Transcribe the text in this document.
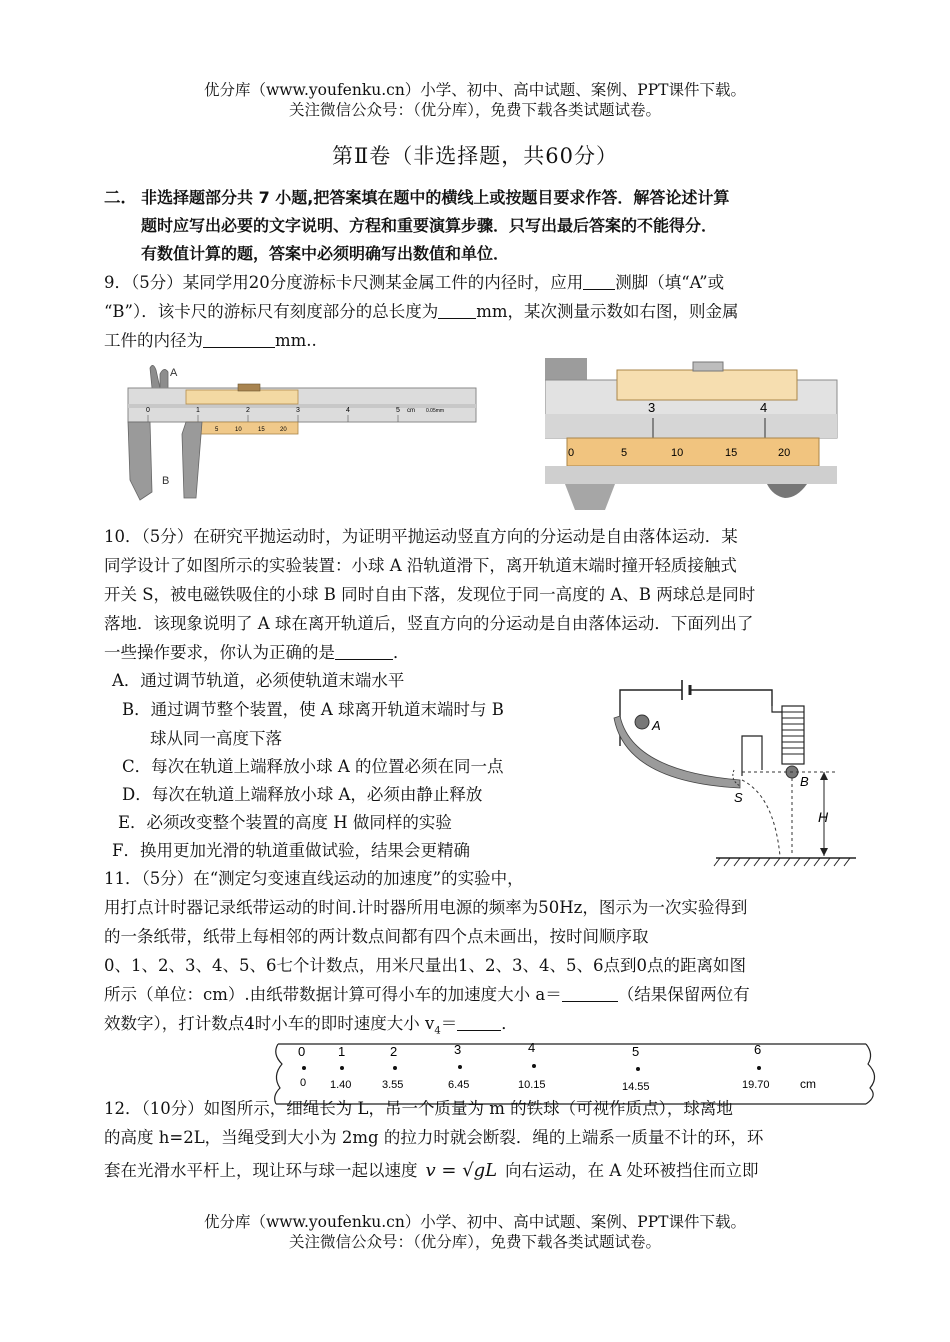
优分库（www.youfenku.cn）小学、初中、高中试题、案例、PPT课件下载。
关注微信公众号：（优分库），免费下载各类试题试卷。
第Ⅱ卷（非选择题，共60分）
二． 非选择题部分共 7 小题,把答案填在题中的横线上或按题目要求作答．解答论述计算
题时应写出必要的文字说明、方程和重要演算步骤．只写出最后答案的不能得分．
有数值计算的题，答案中必须明确写出数值和单位．
9．（5分）某同学用20分度游标卡尺测某金属工件的内径时，应用 测脚（填“A”或
“B”）．该卡尺的游标尺有刻度部分的总长度为 mm，某次测量示数如右图，则金属
工件的内径为	mm..
A
0	1	2	3	4	5 cm 0.05mm
5	10	15	20
B
3	4
0	5	10	15	20
10．（5分）在研究平抛运动时，为证明平抛运动竖直方向的分运动是自由落体运动．某
同学设计了如图所示的实验装置：小球 A 沿轨道滑下，离开轨道末端时撞开轻质接触式
开关 S，被电磁铁吸住的小球 B 同时自由下落，发现位于同一高度的 A、B 两球总是同时
落地．该现象说明了 A 球在离开轨道后，竖直方向的分运动是自由落体运动．下面列出了
一些操作要求，你认为正确的是	．
A．通过调节轨道，必须使轨道末端水平
B．通过调节整个装置，使 A 球离开轨道末端时与 B
球从同一高度下落
C．每次在轨道上端释放小球 A 的位置必须在同一点
D．每次在轨道上端释放小球 A，必须由静止释放
E．必须改变整个装置的高度 H 做同样的实验
F．换用更加光滑的轨道重做试验，结果会更精确
A
S
B
H
11．（5分）在“测定匀变速直线运动的加速度”的实验中，
用打点计时器记录纸带运动的时间.计时器所用电源的频率为50Hz，图示为一次实验得到
的一条纸带，纸带上每相邻的两计数点间都有四个点未画出，按时间顺序取
0、1、2、3、4、5、6七个计数点，用米尺量出1、2、3、4、5、6点到0点的距离如图
所示（单位：cm）.由纸带数据计算可得小车的加速度大小 a＝	（结果保留两位有
效数字），打计数点4时小车的即时速度大小 $v_4=$	．
0	1	2	3	4	5	6
0 1.40	3.55	6.45	10.15	14.55	19.70	cm
12．（10分）如图所示，细绳长为 L，吊一个质量为 m 的铁球（可视作质点），球离地
的高度 h=2L，当绳受到大小为 2mg 的拉力时就会断裂．绳的上端系一质量不计的环，环
套在光滑水平杆上，现让环与球一起以速度 v = √gL 向右运动，在 A 处环被挡住而立即
优分库（www.youfenku.cn）小学、初中、高中试题、案例、PPT课件下载。
关注微信公众号：（优分库），免费下载各类试题试卷。
